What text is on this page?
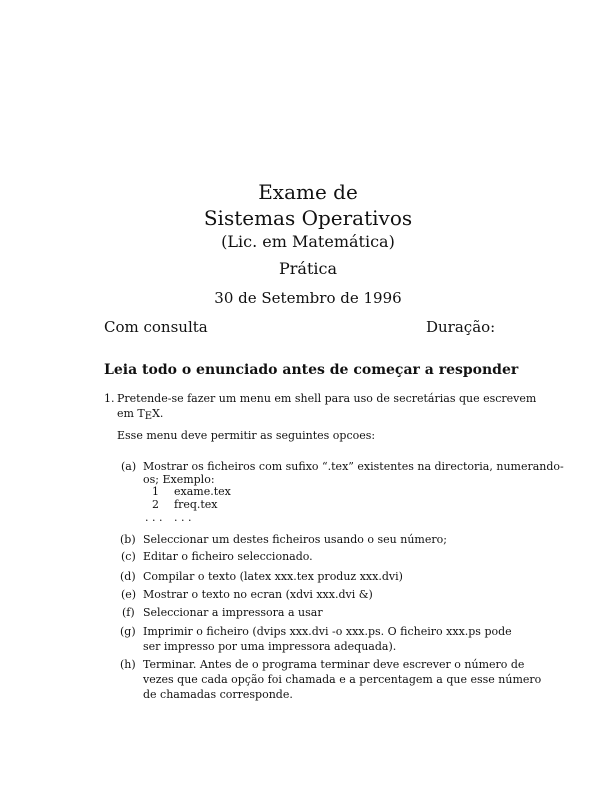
Exame de
Sistemas Operativos
(Lic. em Matemática)
Prática
30 de Setembro de 1996
Com consulta	Duração:
Leia todo o enunciado antes de começar a responder
1. Pretende-se fazer um menu em shell para uso de secretárias que escrevem
em TEX.
Esse menu deve permitir as seguintes opcoes:
(a) Mostrar os ficheiros com sufixo “.tex” existentes na directoria, numerando-
os; Exemplo:
1 exame.tex
2 freq.tex
. . . . . .
(b) Seleccionar um destes ficheiros usando o seu número;
(c) Editar o ficheiro seleccionado.
(d) Compilar o texto (latex xxx.tex produz xxx.dvi)
(e) Mostrar o texto no ecran (xdvi xxx.dvi &)
(f) Seleccionar a impressora a usar
(g) Imprimir o ficheiro (dvips xxx.dvi -o xxx.ps. O ficheiro xxx.ps pode
ser impresso por uma impressora adequada).
(h) Terminar. Antes de o programa terminar deve escrever o número de
vezes que cada opção foi chamada e a percentagem a que esse número
de chamadas corresponde.
